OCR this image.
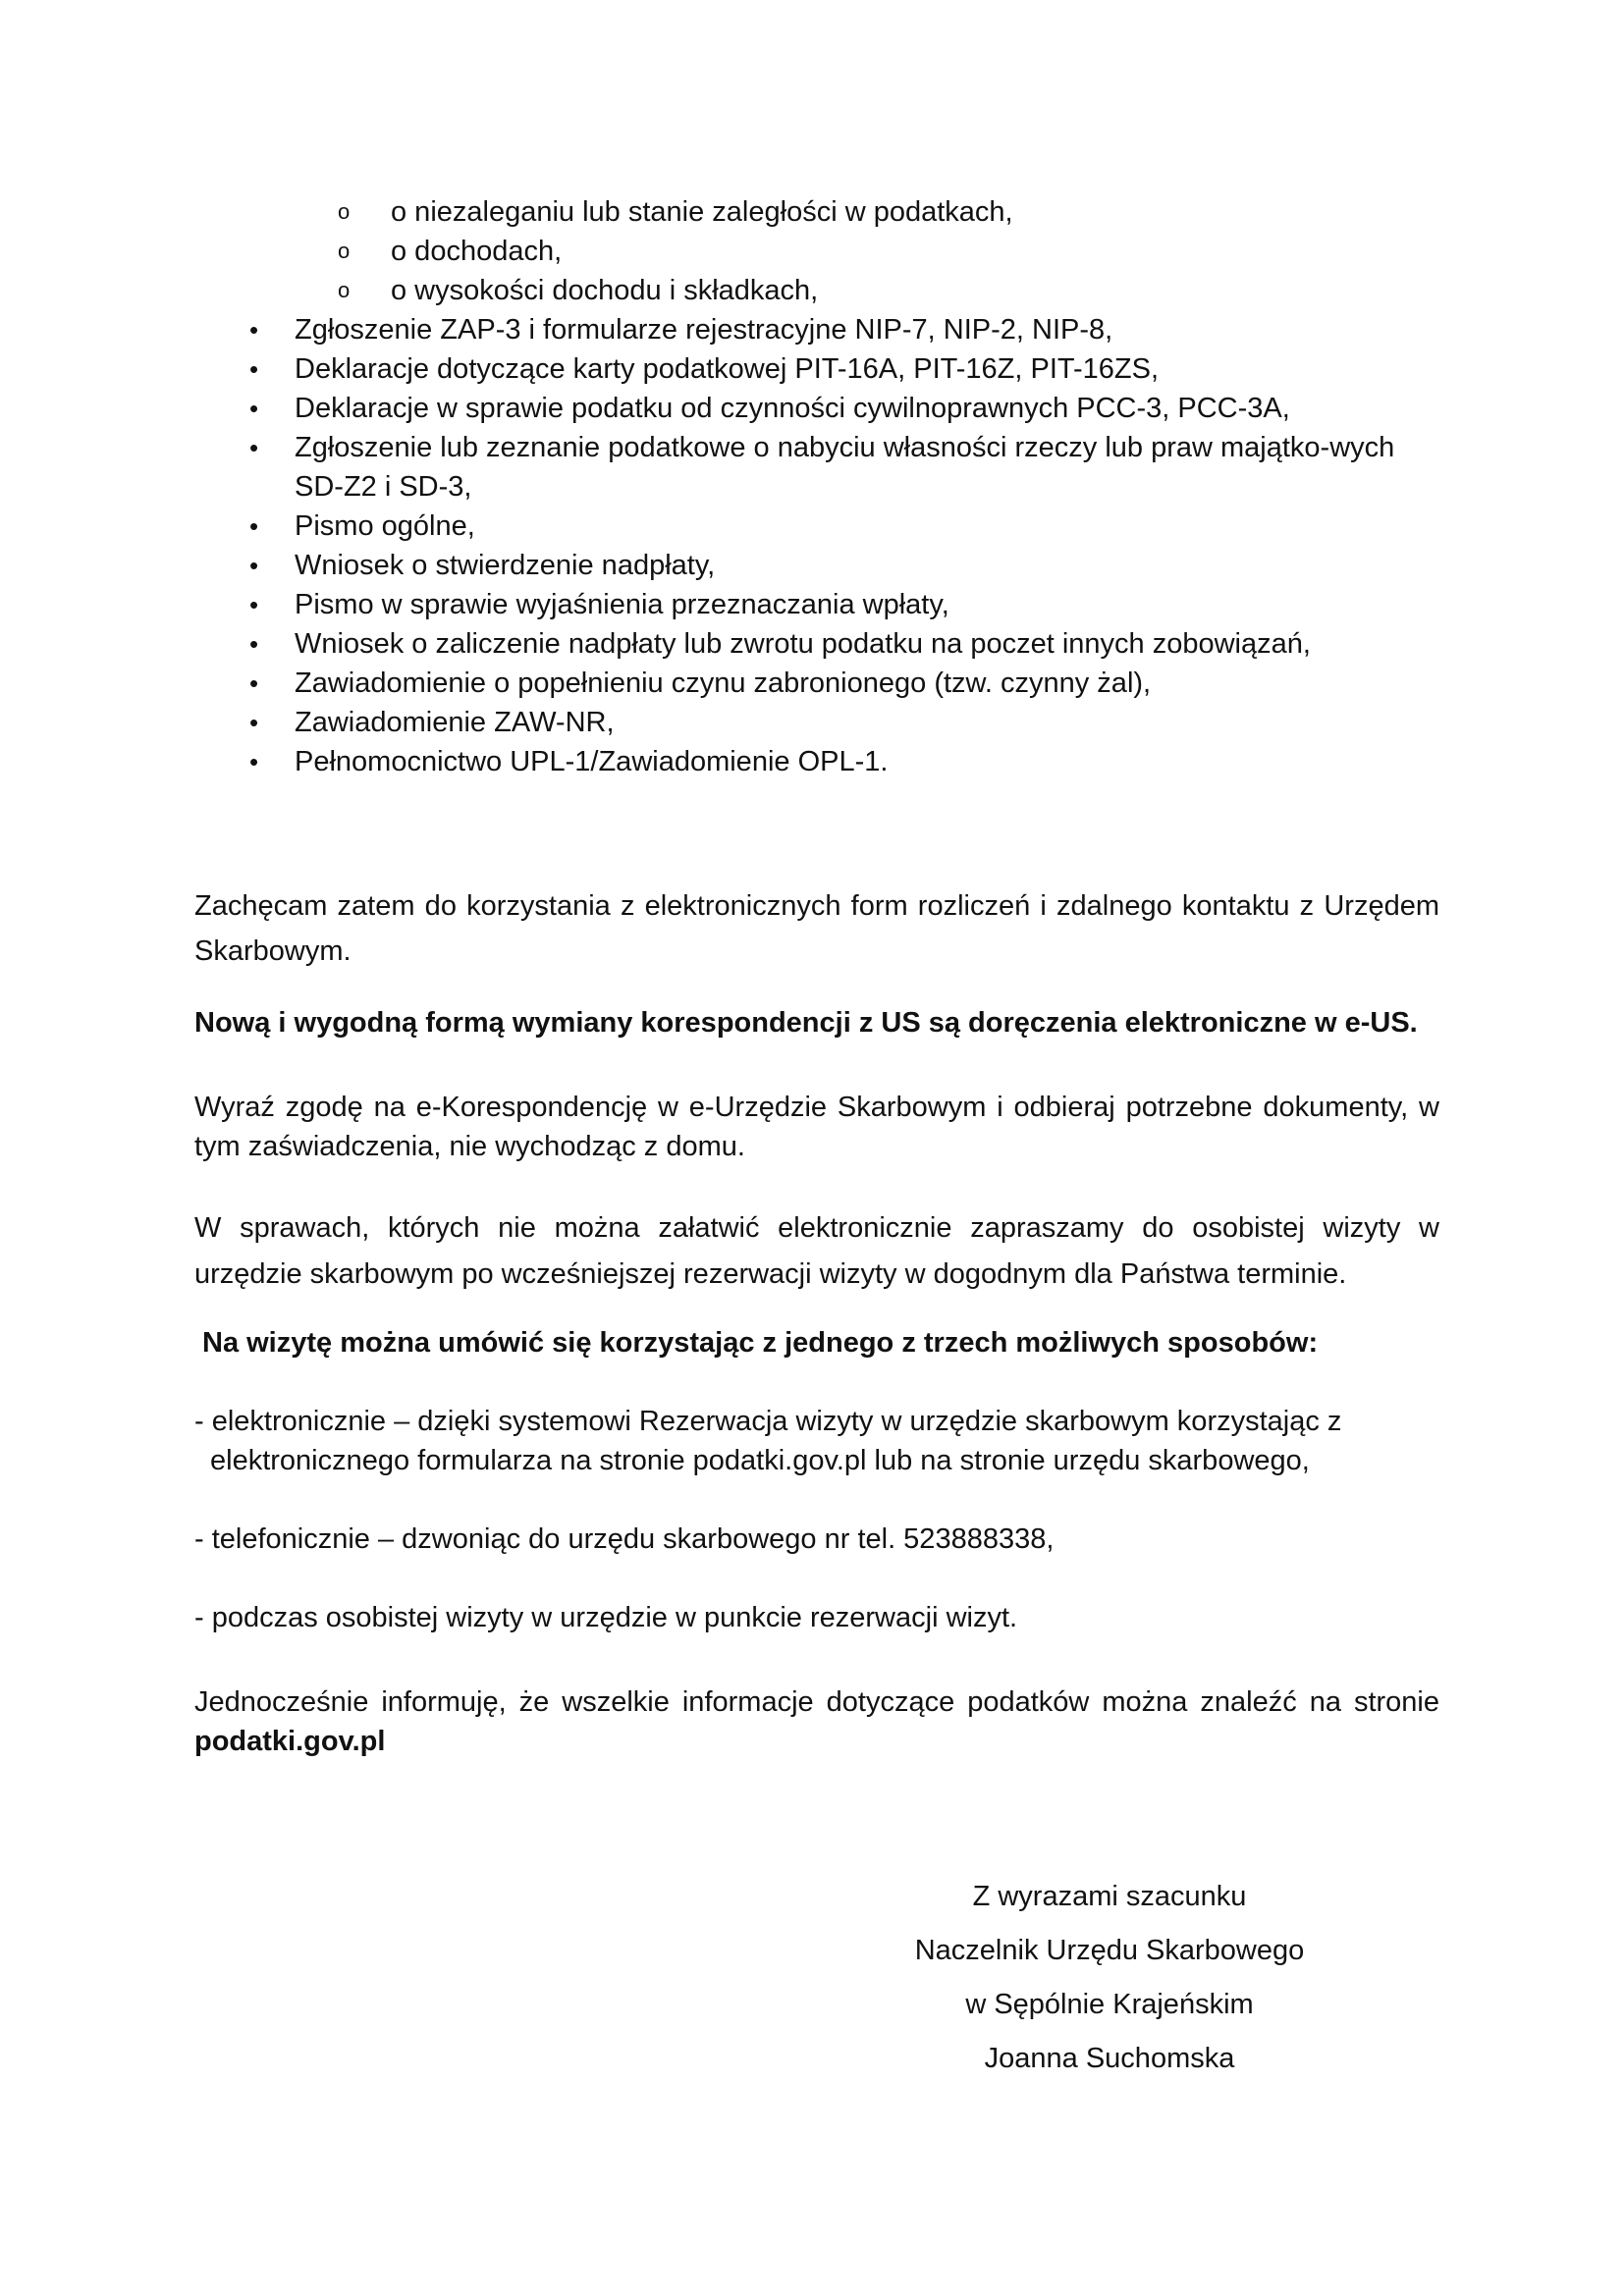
o o niezaleganiu lub stanie zaległości w podatkach,
o o dochodach,
o o wysokości dochodu i składkach,
• Zgłoszenie ZAP-3 i formularze rejestracyjne NIP-7, NIP-2, NIP-8,
• Deklaracje dotyczące karty podatkowej PIT-16A, PIT-16Z, PIT-16ZS,
• Deklaracje w sprawie podatku od czynności cywilnoprawnych PCC-3, PCC-3A,
• Zgłoszenie lub zeznanie podatkowe o nabyciu własności rzeczy lub praw majątko-wych SD-Z2 i SD-3,
• Pismo ogólne,
• Wniosek o stwierdzenie nadpłaty,
• Pismo w sprawie wyjaśnienia przeznaczania wpłaty,
• Wniosek o zaliczenie nadpłaty lub zwrotu podatku na poczet innych zobowiązań,
• Zawiadomienie o popełnieniu czynu zabronionego (tzw. czynny żal),
• Zawiadomienie ZAW-NR,
• Pełnomocnictwo UPL-1/Zawiadomienie OPL-1.

Zachęcam zatem do korzystania z elektronicznych form rozliczeń i zdalnego kontaktu z Urzędem Skarbowym.

Nową i wygodną formą wymiany korespondencji z US są doręczenia elektroniczne w e-US.

Wyraź zgodę na e-Korespondencję w e-Urzędzie Skarbowym i odbieraj potrzebne dokumenty, w tym zaświadczenia, nie wychodząc z domu.

W sprawach, których nie można załatwić elektronicznie zapraszamy do osobistej wizyty w urzędzie skarbowym po wcześniejszej rezerwacji wizyty w dogodnym dla Państwa terminie.

Na wizytę można umówić się korzystając z jednego z trzech możliwych sposobów:

- elektronicznie – dzięki systemowi Rezerwacja wizyty w urzędzie skarbowym korzystając z
elektronicznego formularza na stronie podatki.gov.pl lub na stronie urzędu skarbowego,

- telefonicznie – dzwoniąc do urzędu skarbowego nr tel. 523888338,

- podczas osobistej wizyty w urzędzie w punkcie rezerwacji wizyt.

Jednocześnie informuję, że wszelkie informacje dotyczące podatków można znaleźć na stronie podatki.gov.pl

Z wyrazami szacunku
Naczelnik Urzędu Skarbowego
w Sępólnie Krajeńskim
Joanna Suchomska
